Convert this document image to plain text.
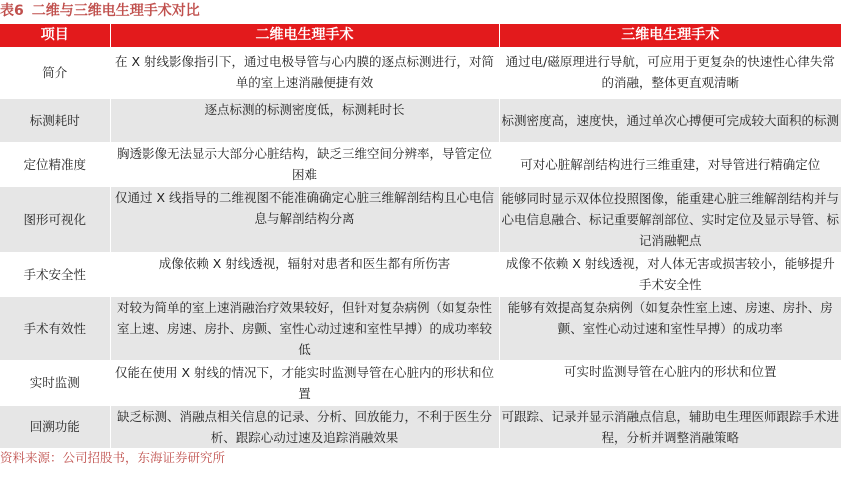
表6 二维与三维电生理手术对比
项目	二维电生理手术	三维电生理手术
简介	在 X 射线影像指引下，通过电极导管与心内膜的逐点标测进行，对简单的室上速消融便捷有效	通过电/磁原理进行导航，可应用于更复杂的快速性心律失常的消融，整体更直观清晰
标测耗时	逐点标测的标测密度低，标测耗时长	标测密度高，速度快，通过单次心搏便可完成较大面积的标测
定位精准度	胸透影像无法显示大部分心脏结构，缺乏三维空间分辨率，导管定位困难	可对心脏解剖结构进行三维重建，对导管进行精确定位
图形可视化	仅通过 X 线指导的二维视图不能准确确定心脏三维解剖结构且心电信息与解剖结构分离	能够同时显示双体位投照图像，能重建心脏三维解剖结构并与心电信息融合、标记重要解剖部位、实时定位及显示导管、标记消融靶点
手术安全性	成像依赖 X 射线透视，辐射对患者和医生都有所伤害	成像不依赖 X 射线透视，对人体无害或损害较小，能够提升手术安全性
手术有效性	对较为简单的室上速消融治疗效果较好，但针对复杂病例（如复杂性室上速、房速、房扑、房颤、室性心动过速和室性早搏）的成功率较低	能够有效提高复杂病例（如复杂性室上速、房速、房扑、房颤、室性心动过速和室性早搏）的成功率
实时监测	仅能在使用 X 射线的情况下，才能实时监测导管在心脏内的形状和位置	可实时监测导管在心脏内的形状和位置
回溯功能	缺乏标测、消融点相关信息的记录、分析、回放能力，不利于医生分析、跟踪心动过速及追踪消融效果	可跟踪、记录并显示消融点信息，辅助电生理医师跟踪手术进程，分析并调整消融策略
资料来源：公司招股书，东海证券研究所
